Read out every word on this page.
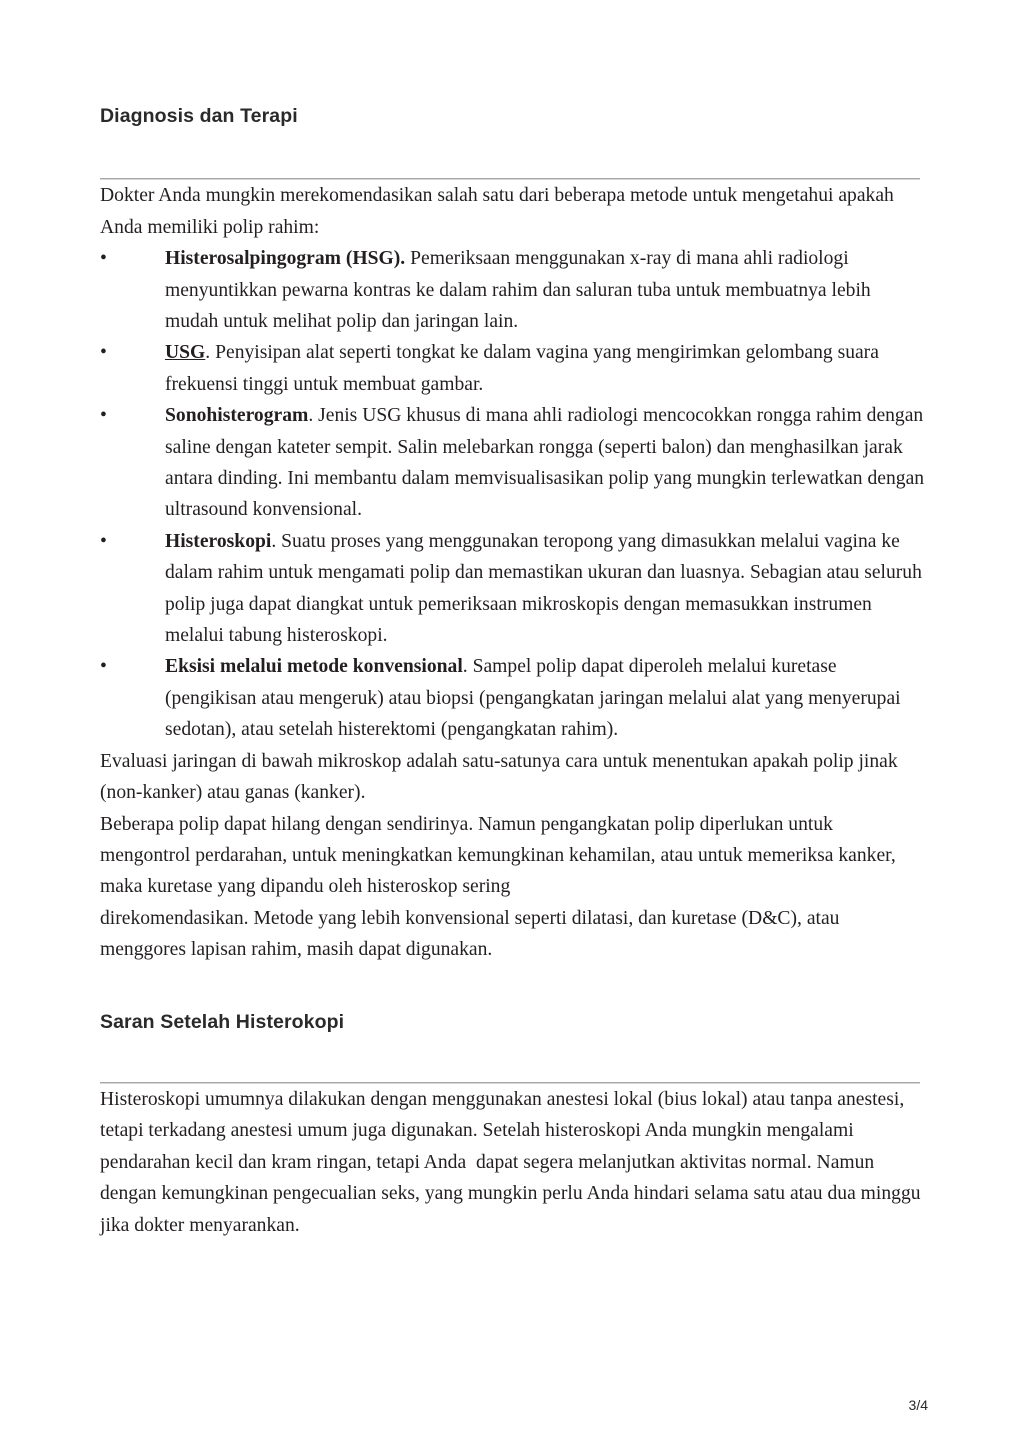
Diagnosis dan Terapi

Dokter Anda mungkin merekomendasikan salah satu dari beberapa metode untuk mengetahui apakah Anda memiliki polip rahim:

•	Histerosalpingogram (HSG). Pemeriksaan menggunakan x-ray di mana ahli radiologi menyuntikkan pewarna kontras ke dalam rahim dan saluran tuba untuk membuatnya lebih mudah untuk melihat polip dan jaringan lain.
•	USG. Penyisipan alat seperti tongkat ke dalam vagina yang mengirimkan gelombang suara frekuensi tinggi untuk membuat gambar.
•	Sonohisterogram. Jenis USG khusus di mana ahli radiologi mencocokkan rongga rahim dengan saline dengan kateter sempit. Salin melebarkan rongga (seperti balon) dan menghasilkan jarak antara dinding. Ini membantu dalam memvisualisasikan polip yang mungkin terlewatkan dengan ultrasound konvensional.
•	Histeroskopi. Suatu proses yang menggunakan teropong yang dimasukkan melalui vagina ke dalam rahim untuk mengamati polip dan memastikan ukuran dan luasnya. Sebagian atau seluruh polip juga dapat diangkat untuk pemeriksaan mikroskopis dengan memasukkan instrumen melalui tabung histeroskopi.
•	Eksisi melalui metode konvensional. Sampel polip dapat diperoleh melalui kuretase (pengikisan atau mengeruk) atau biopsi (pengangkatan jaringan melalui alat yang menyerupai sedotan), atau setelah histerektomi (pengangkatan rahim).

Evaluasi jaringan di bawah mikroskop adalah satu-satunya cara untuk menentukan apakah polip jinak (non-kanker) atau ganas (kanker).

Beberapa polip dapat hilang dengan sendirinya. Namun pengangkatan polip diperlukan untuk mengontrol perdarahan, untuk meningkatkan kemungkinan kehamilan, atau untuk memeriksa kanker, maka kuretase yang dipandu oleh histeroskop sering

direkomendasikan. Metode yang lebih konvensional seperti dilatasi, dan kuretase (D&C), atau menggores lapisan rahim, masih dapat digunakan.

Saran Setelah Histerokopi

Histeroskopi umumnya dilakukan dengan menggunakan anestesi lokal (bius lokal) atau tanpa anestesi, tetapi terkadang anestesi umum juga digunakan. Setelah histeroskopi Anda mungkin mengalami pendarahan kecil dan kram ringan, tetapi Anda  dapat segera melanjutkan aktivitas normal. Namun dengan kemungkinan pengecualian seks, yang mungkin perlu Anda hindari selama satu atau dua minggu jika dokter menyarankan.

3/4
